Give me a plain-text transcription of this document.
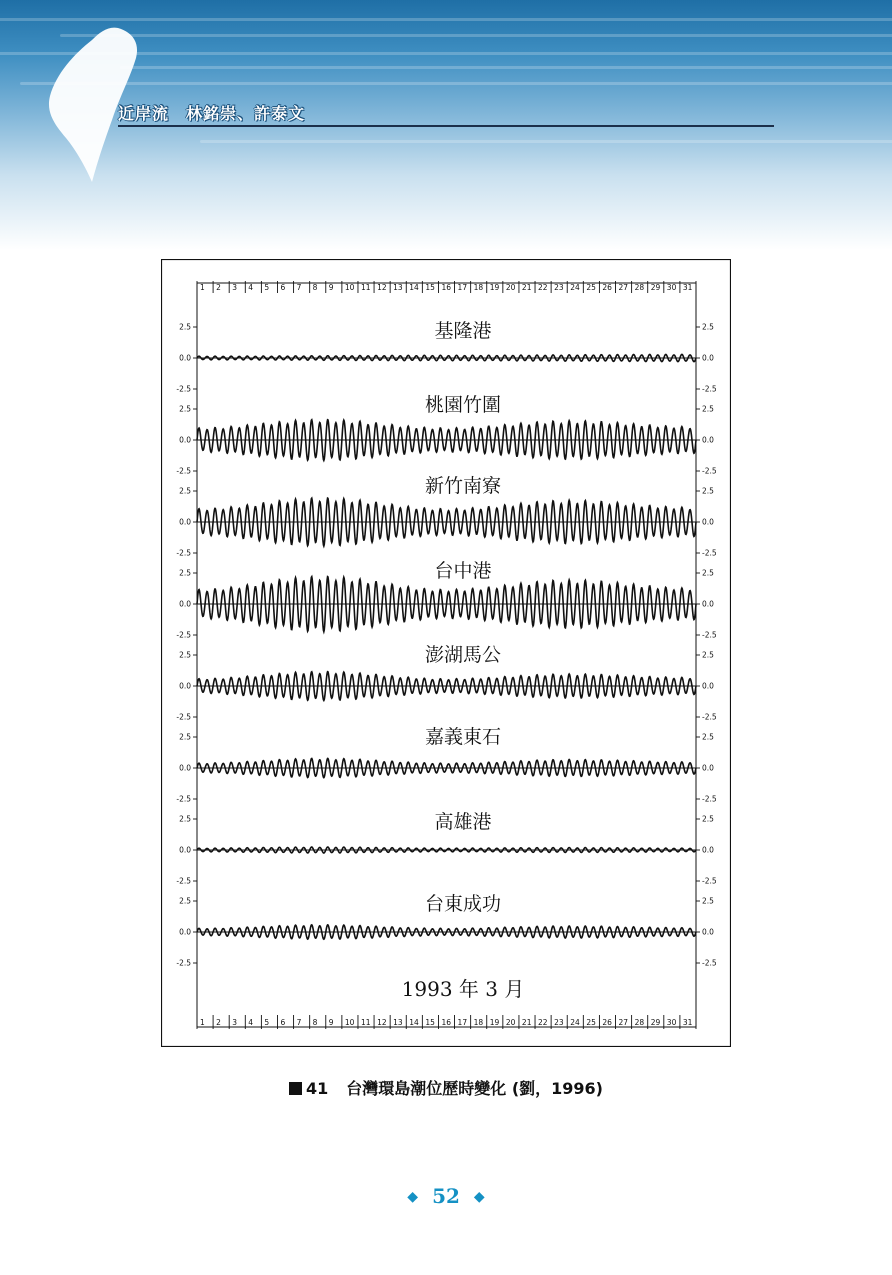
近岸流　林銘崇、許泰文
1 2 3 4 5 6 7 8 9 10 11 12 13 14 15 16 17 18 19 20 21 22 23 24 25 26 27 28 29 30 31
1 2 3 4 5 6 7 8 9 10 11 12 13 14 15 16 17 18 19 20 21 22 23 24 25 26 27 28 29 30 31
2.5	2.5
0.0	0.0
-2.5	-2.5
基隆港
2.5	2.5
0.0	0.0
-2.5	-2.5
桃園竹圍
2.5	2.5
0.0	0.0
-2.5	-2.5
新竹南寮
2.5	2.5
0.0	0.0
-2.5	-2.5
台中港
2.5	2.5
0.0	0.0
-2.5	-2.5
澎湖馬公
2.5	2.5
0.0	0.0
-2.5	-2.5
嘉義東石
2.5	2.5
0.0	0.0
-2.5	-2.5
高雄港
2.5	2.5
0.0	0.0
-2.5	-2.5
台東成功
1993 年 3 月
41 台灣環島潮位歷時變化 (劉，1996)
◆ 52 ◆
